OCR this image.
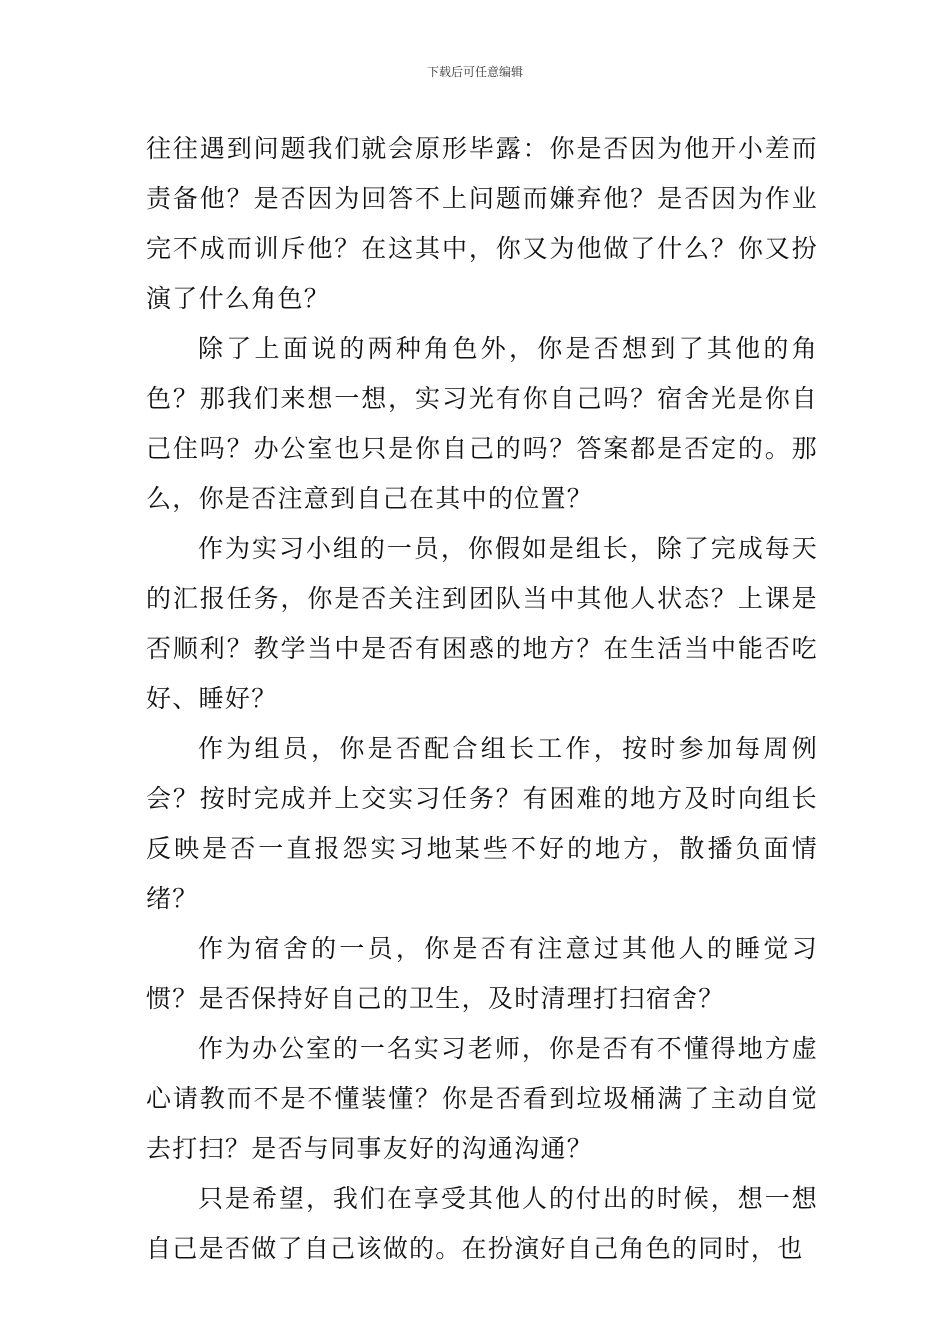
下载后可任意编辑

往往遇到问题我们就会原形毕露：你是否因为他开小差而责备他？是否因为回答不上问题而嫌弃他？是否因为作业完不成而训斥他？在这其中，你又为他做了什么？你又扮演了什么角色？

除了上面说的两种角色外，你是否想到了其他的角色？那我们来想一想，实习光有你自己吗？宿舍光是你自己住吗？办公室也只是你自己的吗？答案都是否定的。那么，你是否注意到自己在其中的位置？

作为实习小组的一员，你假如是组长，除了完成每天的汇报任务，你是否关注到团队当中其他人状态？上课是否顺利？教学当中是否有困惑的地方？在生活当中能否吃好、睡好？

作为组员，你是否配合组长工作，按时参加每周例会？按时完成并上交实习任务？有困难的地方及时向组长反映是否一直报怨实习地某些不好的地方，散播负面情绪？

作为宿舍的一员，你是否有注意过其他人的睡觉习惯？是否保持好自己的卫生，及时清理打扫宿舍？

作为办公室的一名实习老师，你是否有不懂得地方虚心请教而不是不懂装懂？你是否看到垃圾桶满了主动自觉去打扫？是否与同事友好的沟通沟通？

只是希望，我们在享受其他人的付出的时候，想一想自己是否做了自己该做的。在扮演好自己角色的同时，也
